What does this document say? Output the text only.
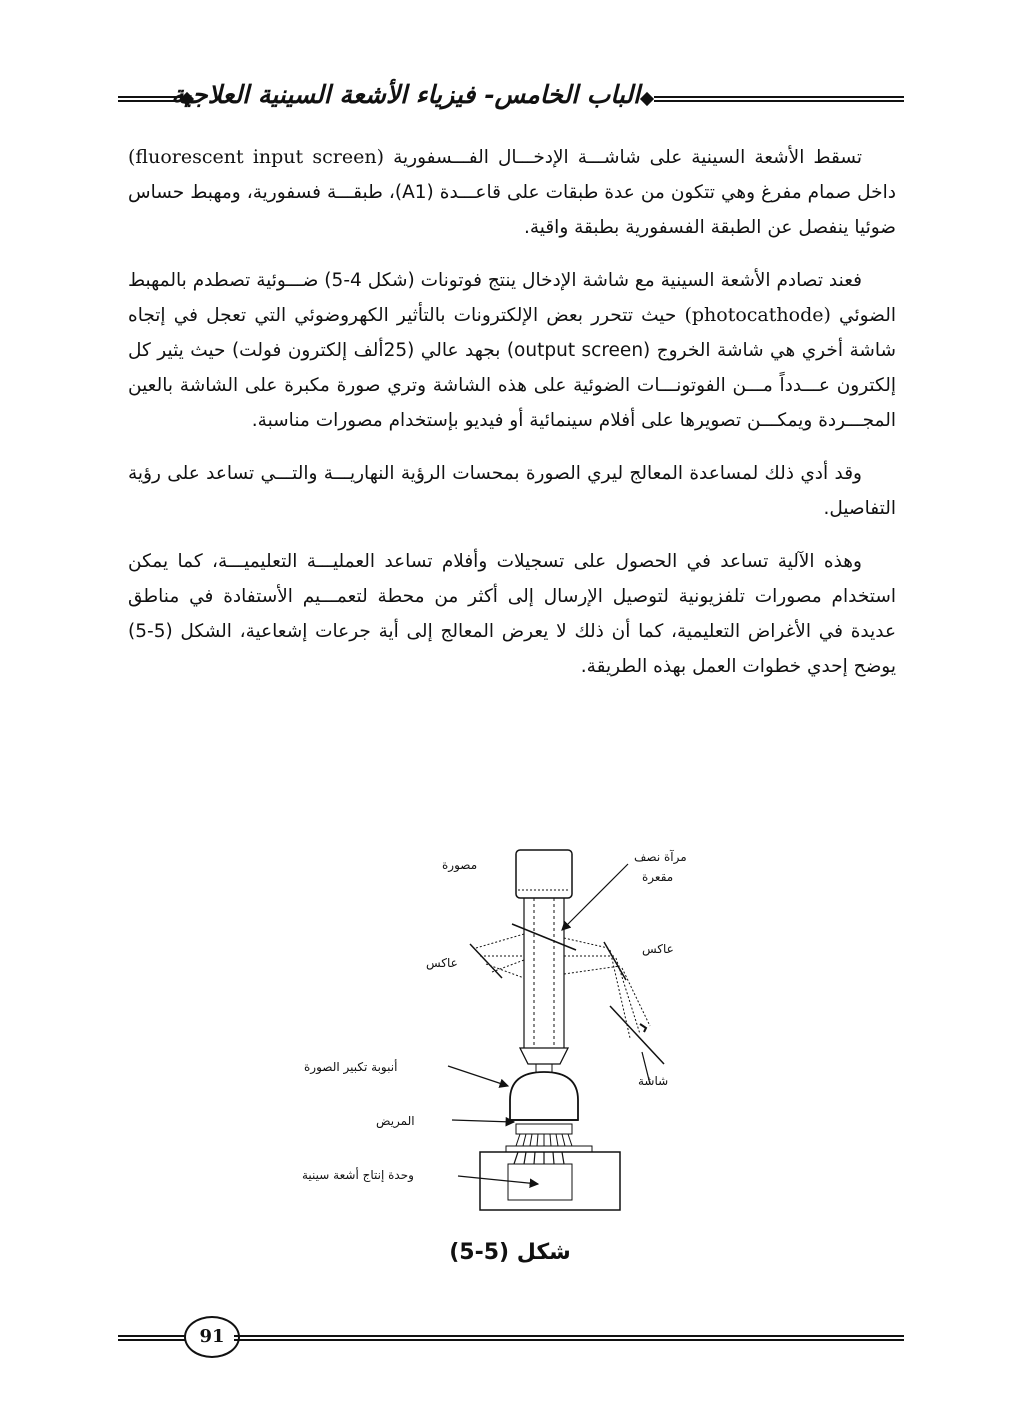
الباب الخامس- فيزياء الأشعة السينية العلاجية

تسقط الأشعة السينية على شاشـــة الإدخـــال الفـــسفورية (fluorescent input screen) داخل صمام مفرغ وهي تتكون من عدة طبقات على قاعـــدة (A1)، طبقـــة فسفورية، ومهبط حساس ضوئيا ينفصل عن الطبقة الفسفورية بطبقة واقية.

فعند تصادم الأشعة السينية مع شاشة الإدخال ينتج فوتونات (شكل 4-5) ضـــوئية تصطدم بالمهبط الضوئي (photocathode) حيث تتحرر بعض الإلكترونات بالتأثير الكهروضوئي التي تعجل في إتجاه شاشة أخري هي شاشة الخروج (output screen) بجهد عالي (25ألف إلكترون فولت) حيث يثير كل إلكترون عـــدداً مـــن الفوتونـــات الضوئية على هذه الشاشة وتري صورة مكبرة على الشاشة بالعين المجـــردة ويمكـــن تصويرها على أفلام سينمائية أو فيديو بإستخدام مصورات مناسبة.

وقد أدي ذلك لمساعدة المعالج ليري الصورة بمحسات الرؤية النهاريـــة والتـــي تساعد على رؤية التفاصيل.

وهذه الآلية تساعد في الحصول على تسجيلات وأفلام تساعد العمليـــة التعليميـــة، كما يمكن استخدام مصورات تلفزيونية لتوصيل الإرسال إلى أكثر من محطة لتعمـــيم الأستفادة في مناطق عديدة في الأغراض التعليمية، كما أن ذلك لا يعرض المعالج إلى أية جرعات إشعاعية، الشكل (5-5) يوضح إحدي خطوات العمل بهذه الطريقة.

مصورة
مرآة نصف
مقعرة
عاكس
عاكس
شاشة
أنبوبة تكبير الصورة
المريض
وحدة إنتاج أشعة سينية
شكل (5-5)
91
